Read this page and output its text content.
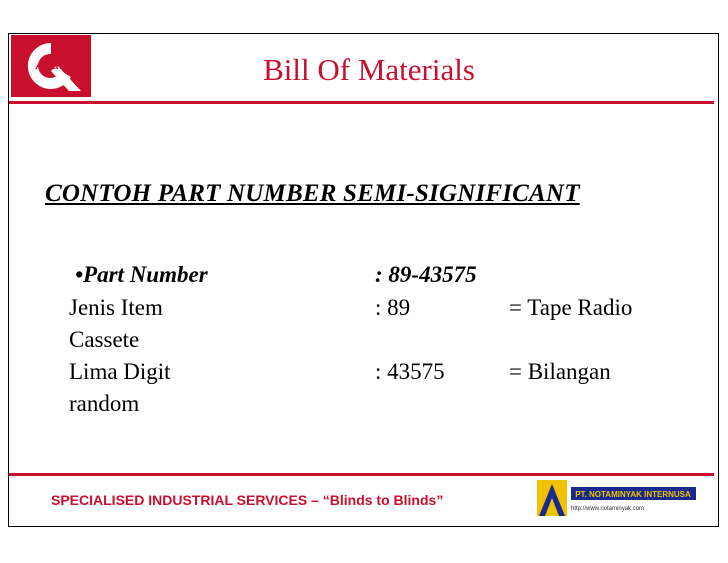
Asia	Bill Of Materials
CONTOH PART NUMBER SEMI-SIGNIFICANT
•Part Number	: 89-43575
Jenis Item	: 89	= Tape Radio
Cassete
Lima Digit	: 43575	= Bilangan
random
SPECIALISED INDUSTRIAL SERVICES – “Blinds to Blinds”	PT. NOTAMINYAK INTERNUSA
http://www.notaminyak.com
